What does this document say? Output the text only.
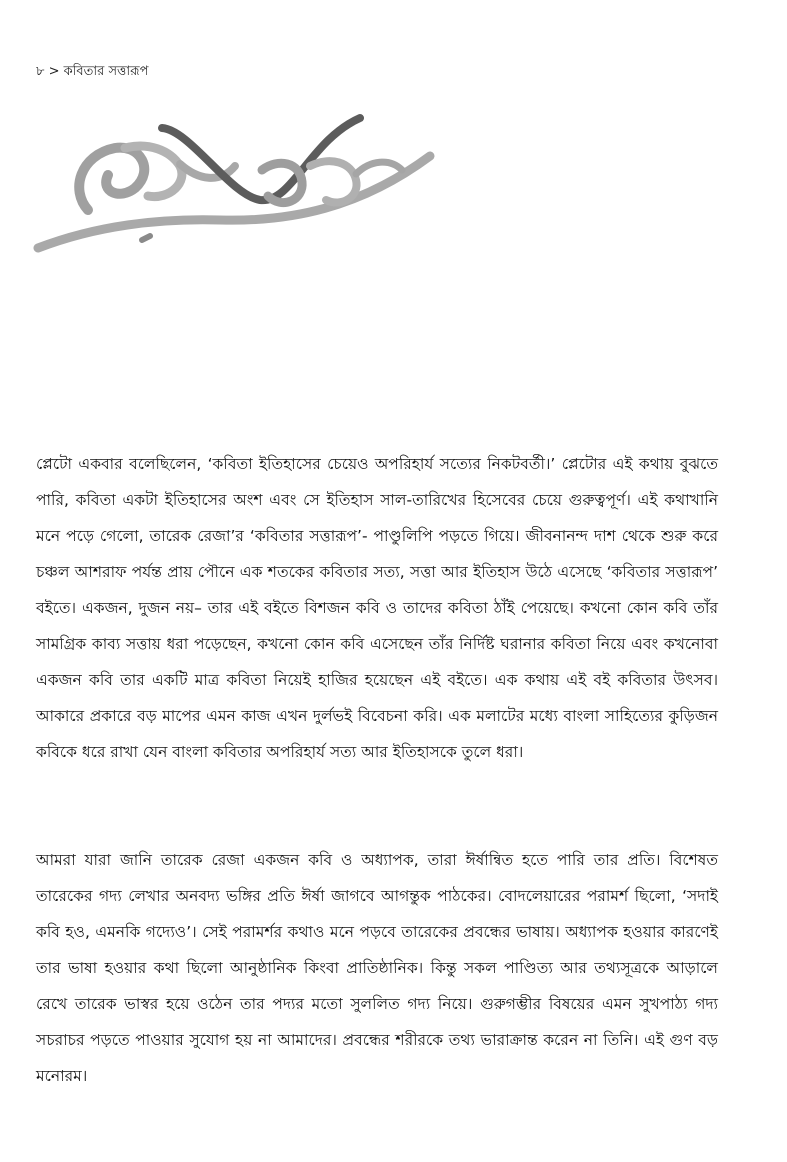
৮ > কবিতার সত্তারূপ

প্লেটো একবার বলেছিলেন, ‘কবিতা ইতিহাসের চেয়েও অপরিহার্য সত্যের নিকটবর্তী।’ প্লেটোর এই কথায় বুঝতে পারি, কবিতা একটা ইতিহাসের অংশ এবং সে ইতিহাস সাল-তারিখের হিসেবের চেয়ে গুরুত্বপূর্ণ। এই কথাখানি মনে পড়ে গেলো, তারেক রেজা’র ‘কবিতার সত্তারূপ’- পাণ্ডুলিপি পড়তে গিয়ে। জীবনানন্দ দাশ থেকে শুরু করে চঞ্চল আশরাফ পর্যন্ত প্রায় পৌনে এক শতকের কবিতার সত্য, সত্তা আর ইতিহাস উঠে এসেছে ‘কবিতার সত্তারূপ’ বইতে। একজন, দুজন নয়– তার এই বইতে বিশজন কবি ও তাদের কবিতা ঠাঁই পেয়েছে। কখনো কোন কবি তাঁর সামগ্রিক কাব্য সত্তায় ধরা পড়েছেন, কখনো কোন কবি এসেছেন তাঁর নির্দিষ্ট ঘরানার কবিতা নিয়ে এবং কখনোবা একজন কবি তার একটি মাত্র কবিতা নিয়েই হাজির হয়েছেন এই বইতে। এক কথায় এই বই কবিতার উৎসব। আকারে প্রকারে বড় মাপের এমন কাজ এখন দুর্লভই বিবেচনা করি। এক মলাটের মধ্যে বাংলা সাহিত্যের কুড়িজন কবিকে ধরে রাখা যেন বাংলা কবিতার অপরিহার্য সত্য আর ইতিহাসকে তুলে ধরা।

আমরা যারা জানি তারেক রেজা একজন কবি ও অধ্যাপক, তারা ঈর্ষান্বিত হতে পারি তার প্রতি। বিশেষত তারেকের গদ্য লেখার অনবদ্য ভঙ্গির প্রতি ঈর্ষা জাগবে আগন্তুক পাঠকের। বোদলেয়ারের পরামর্শ ছিলো, ‘সদাই কবি হও, এমনকি গদ্যেও’। সেই পরামর্শর কথাও মনে পড়বে তারেকের প্রবন্ধের ভাষায়। অধ্যাপক হওয়ার কারণেই তার ভাষা হওয়ার কথা ছিলো আনুষ্ঠানিক কিংবা প্রাতিষ্ঠানিক। কিন্তু সকল পাণ্ডিত্য আর তথ্যসূত্রকে আড়ালে রেখে তারেক ভাস্বর হয়ে ওঠেন তার পদ্যর মতো সুললিত গদ্য নিয়ে। গুরুগম্ভীর বিষয়ের এমন সুখপাঠ্য গদ্য সচরাচর পড়তে পাওয়ার সুযোগ হয় না আমাদের। প্রবন্ধের শরীরকে তথ্য ভারাক্রান্ত করেন না তিনি। এই গুণ বড় মনোরম।
